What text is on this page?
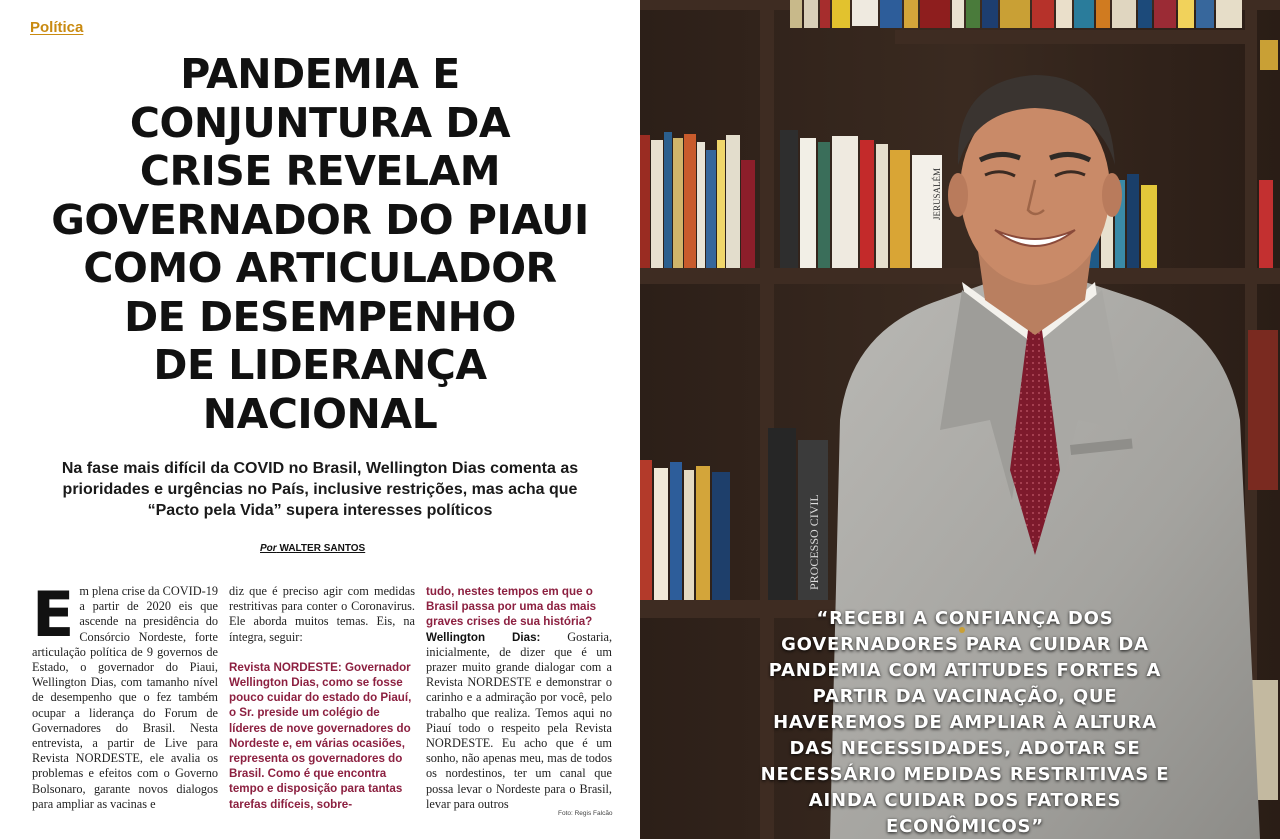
Política
PANDEMIA E
CONJUNTURA DA
CRISE REVELAM
GOVERNADOR DO PIAUI
COMO ARTICULADOR
DE DESEMPENHO
DE LIDERANÇA
NACIONAL

Na fase mais difícil da COVID no Brasil, Wellington Dias comenta as prioridades e urgências no País, inclusive restrições, mas acha que “Pacto pela Vida” supera interesses políticos

Por WALTER SANTOS
E m plena crise da COVID-19 a partir de 2020 eis que ascende na presidência do Consórcio Nordeste, forte articulação política de 9 governos de Estado, o governador do Piaui, Wellington Dias, com tamanho nível de desempenho que o fez também ocupar a liderança do Forum de Governadores do Brasil. Nesta entrevista, a partir de Live para Revista NORDESTE, ele avalia os problemas e efeitos com o Governo Bolsonaro, garante novos dialogos para ampliar as vacinas e

diz que é preciso agir com medidas restritivas para conter o Coronavirus. Ele aborda muitos temas. Eis, na íntegra, seguir:

Revista NORDESTE: Governador Wellington Dias, como se fosse pouco cuidar do estado do Piauí, o Sr. preside um colégio de líderes de nove governadores do Nordeste e, em várias ocasiões, representa os governadores do Brasil. Como é que encontra tempo e disposição para tantas tarefas difíceis, sobre-

tudo, nestes tempos em que o Brasil passa por uma das mais graves crises de sua história?

Wellington Dias: Gostaria, inicialmente, de dizer que é um prazer muito grande dialogar com a Revista NORDESTE e demonstrar o carinho e a admiração por você, pelo trabalho que realiza. Temos aqui no Piauí todo o respeito pela Revista NORDESTE. Eu acho que é um sonho, não apenas meu, mas de todos os nordestinos, ter um canal que possa levar o Nordeste para o Brasil, levar para outros

Foto: Regis Falcão
JERUSALÉM
PROCESSO CIVIL

“RECEBI A CONFIANÇA DOS GOVERNADORES PARA CUIDAR DA PANDEMIA COM ATITUDES FORTES A PARTIR DA VACINAÇÃO, QUE HAVEREMOS DE AMPLIAR À ALTURA DAS NECESSIDADES, ADOTAR SE NECESSÁRIO MEDIDAS RESTRITIVAS E AINDA CUIDAR DOS FATORES ECONÔMICOS”
